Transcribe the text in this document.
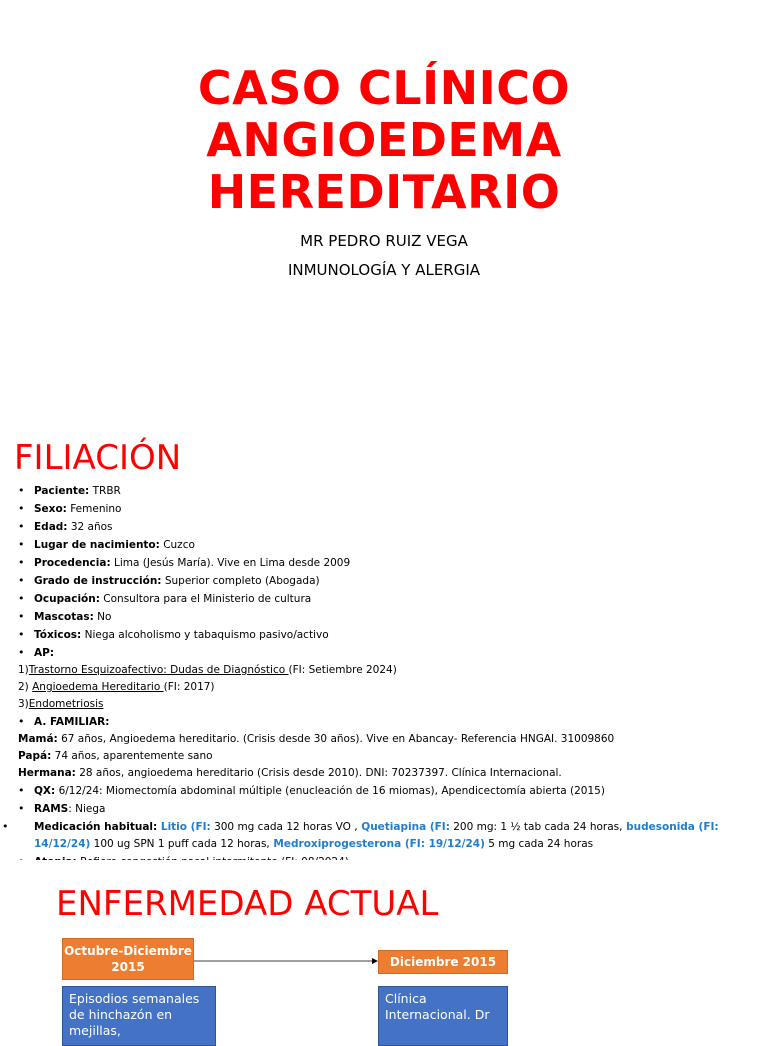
CASO CLÍNICO
ANGIOEDEMA
HEREDITARIO
MR PEDRO RUIZ VEGA
INMUNOLOGÍA Y ALERGIA
FILIACIÓN
• Paciente: TRBR
• Sexo: Femenino
• Edad: 32 años
• Lugar de nacimiento: Cuzco
• Procedencia: Lima (Jesús María). Vive en Lima desde 2009
• Grado de instrucción: Superior completo (Abogada)
• Ocupación: Consultora para el Ministerio de cultura
• Mascotas: No
• Tóxicos: Niega alcoholismo y tabaquismo pasivo/activo
• AP:
1)Trastorno Esquizoafectivo: Dudas de Diagnóstico (FI: Setiembre 2024)
2) Angioedema Hereditario (FI: 2017)
3)Endometriosis
• A. FAMILIAR:
Mamá: 67 años, Angioedema hereditario. (Crisis desde 30 años). Vive en Abancay- Referencia HNGAI. 31009860
Papá: 74 años, aparentemente sano
Hermana: 28 años, angioedema hereditario (Crisis desde 2010). DNI: 70237397. Clínica Internacional.
• QX: 6/12/24: Miomectomía abdominal múltiple (enucleación de 16 miomas), Apendicectomía abierta (2015)
• RAMS: Niega
• Medicación habitual: Litio (FI: 300 mg cada 12 horas VO , Quetiapina (FI: 200 mg: 1 ½ tab cada 24 horas, budesonida (FI: 14/12/24) 100 ug SPN 1 puff cada 12 horas, Medroxiprogesterona (FI: 19/12/24) 5 mg cada 24 horas
•
ENFERMEDAD ACTUAL
Octubre-Diciembre 2015	Diciembre 2015
Episodios semanales de hinchazón en mejillas,
Clínica Internacional. Dr
